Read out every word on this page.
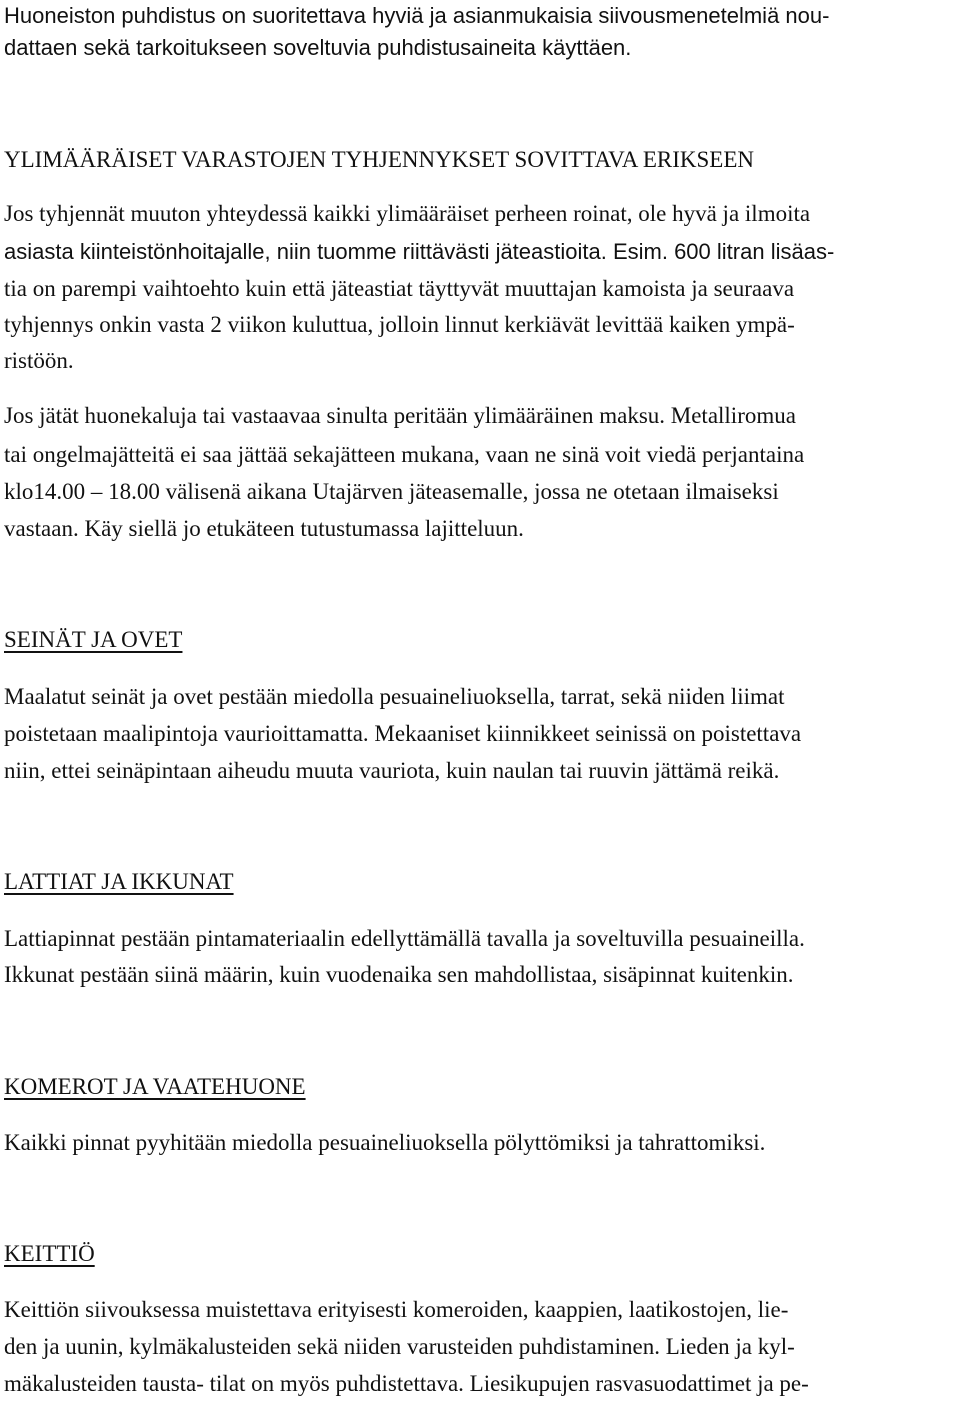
Huoneiston puhdistus on suoritettava hyviä ja asianmukaisia siivousmenetelmiä nou-

dattaen sekä tarkoitukseen soveltuvia puhdistusaineita käyttäen.

YLIMÄÄRÄISET VARASTOJEN TYHJENNYKSET SOVITTAVA ERIKSEEN

Jos tyhjennät muuton yhteydessä kaikki ylimääräiset perheen roinat, ole hyvä ja ilmoita

asiasta kiinteistönhoitajalle, niin tuomme riittävästi jäteastioita. Esim. 600 litran lisäas-

tia on parempi vaihtoehto kuin että jäteastiat täyttyvät muuttajan kamoista ja seuraava

tyhjennys onkin vasta 2 viikon kuluttua, jolloin linnut kerkiävät levittää kaiken ympä-

ristöön.

Jos jätät huonekaluja tai vastaavaa sinulta peritään ylimääräinen maksu. Metalliromua

tai ongelmajätteitä ei saa jättää sekajätteen mukana, vaan ne sinä voit viedä perjantaina

klo14.00 – 18.00 välisenä aikana Utajärven jäteasemalle, jossa ne otetaan ilmaiseksi

vastaan. Käy siellä jo etukäteen tutustumassa lajitteluun.

SEINÄT JA OVET

Maalatut seinät ja ovet pestään miedolla pesuaineliuoksella, tarrat, sekä niiden liimat

poistetaan maalipintoja vaurioittamatta. Mekaaniset kiinnikkeet seinissä on poistettava

niin, ettei seinäpintaan aiheudu muuta vauriota, kuin naulan tai ruuvin jättämä reikä.

LATTIAT JA IKKUNAT

Lattiapinnat pestään pintamateriaalin edellyttämällä tavalla ja soveltuvilla pesuaineilla.

Ikkunat pestään siinä määrin, kuin vuodenaika sen mahdollistaa, sisäpinnat kuitenkin.

KOMEROT JA VAATEHUONE

Kaikki pinnat pyyhitään miedolla pesuaineliuoksella pölyttömiksi ja tahrattomiksi.

KEITTIÖ

Keittiön siivouksessa muistettava erityisesti komeroiden, kaappien, laatikostojen, lie-

den ja uunin, kylmäkalusteiden sekä niiden varusteiden puhdistaminen. Lieden ja kyl-

mäkalusteiden tausta- tilat on myös puhdistettava. Liesikupujen rasvasuodattimet ja pe-
